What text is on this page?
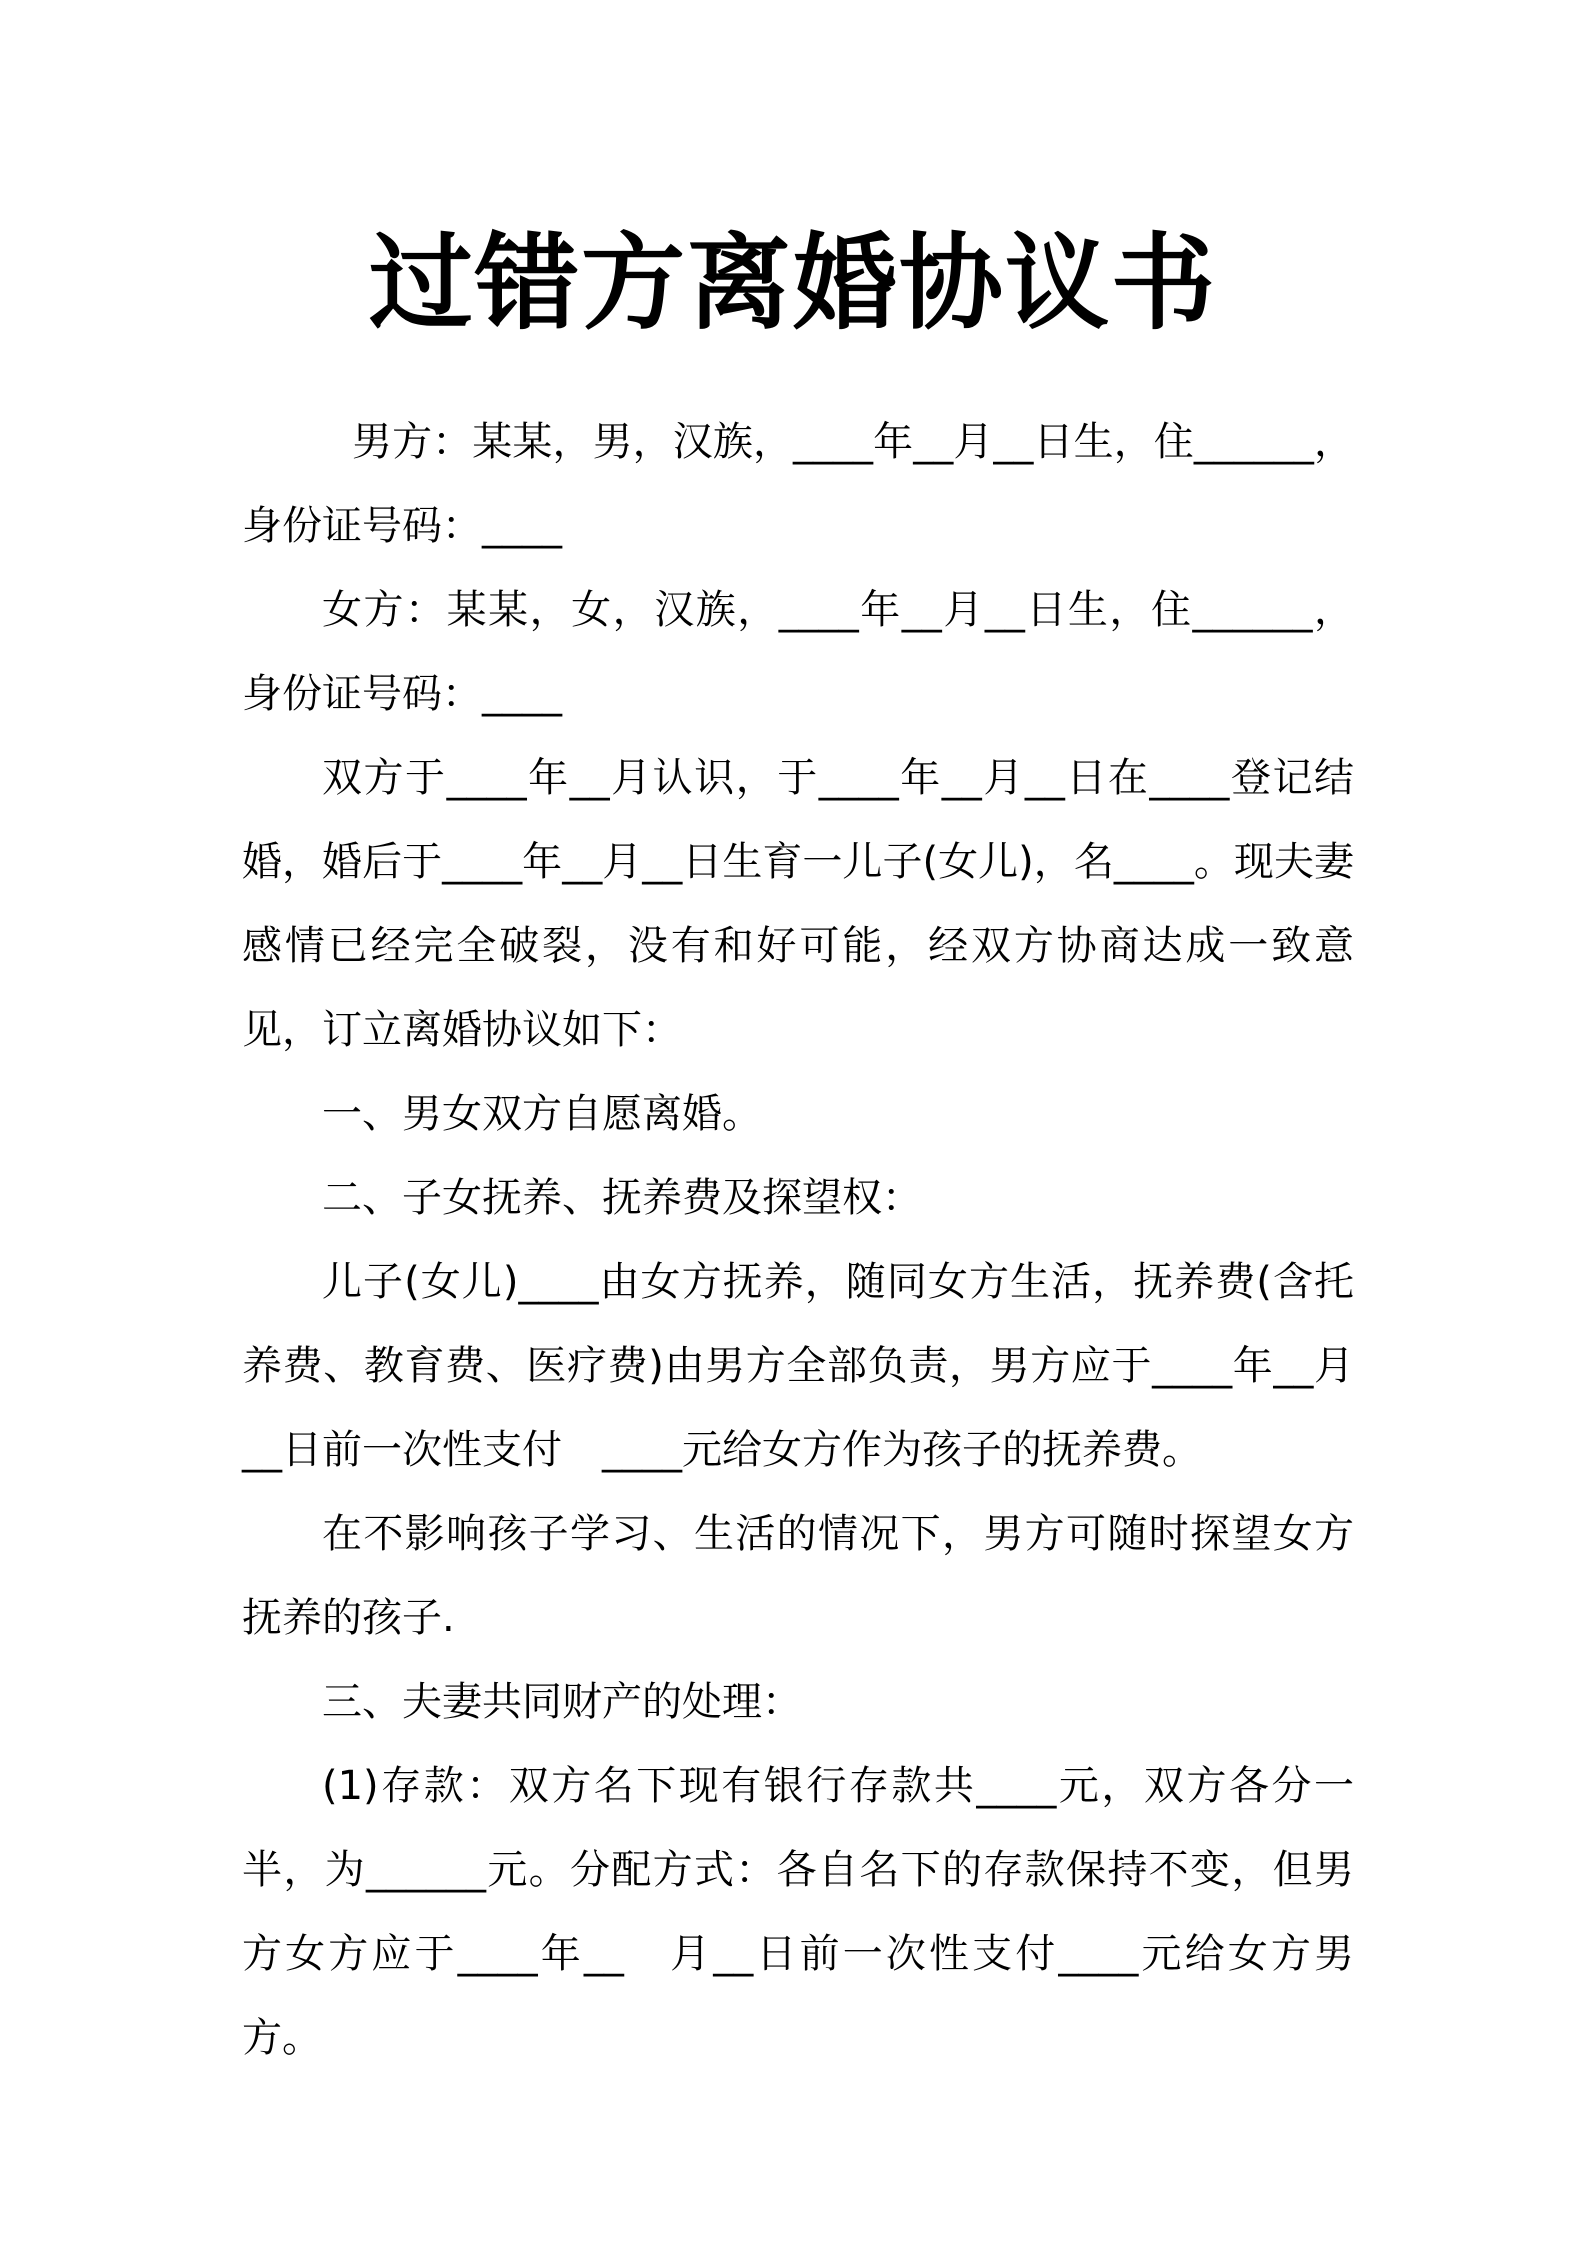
过错方离婚协议书

男方：某某，男，汉族，____年__月__日生，住______，身份证号码：____

女方：某某，女，汉族，____年__月__日生，住______，身份证号码：____

双方于____年__月认识，于____年__月__日在____登记结婚，婚后于____年__月__日生育一儿子(女儿)，名____。现夫妻感情已经完全破裂，没有和好可能，经双方协商达成一致意见，订立离婚协议如下：

一、男女双方自愿离婚。

二、子女抚养、抚养费及探望权：

儿子(女儿)____由女方抚养，随同女方生活，抚养费(含托养费、教育费、医疗费)由男方全部负责，男方应于____年__月__日前一次性支付　____元给女方作为孩子的抚养费。

在不影响孩子学习、生活的情况下，男方可随时探望女方抚养的孩子.

三、夫妻共同财产的处理：

(1)存款：双方名下现有银行存款共____元，双方各分一半，为______元。分配方式：各自名下的存款保持不变，但男方女方应于____年__　月__日前一次性支付____元给女方男方。
